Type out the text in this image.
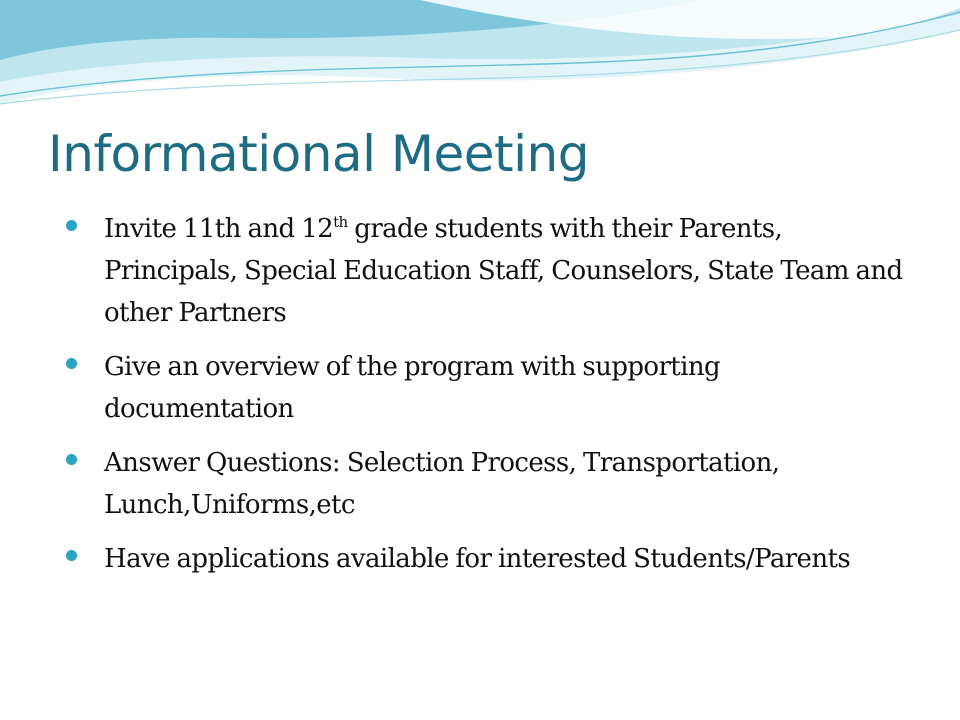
Informational Meeting
Invite 11th and 12th grade students with their Parents, Principals, Special Education Staff, Counselors, State Team and other Partners
Give an overview of the program with supporting documentation
Answer Questions: Selection Process, Transportation, Lunch,Uniforms,etc
Have applications available for interested Students/Parents
